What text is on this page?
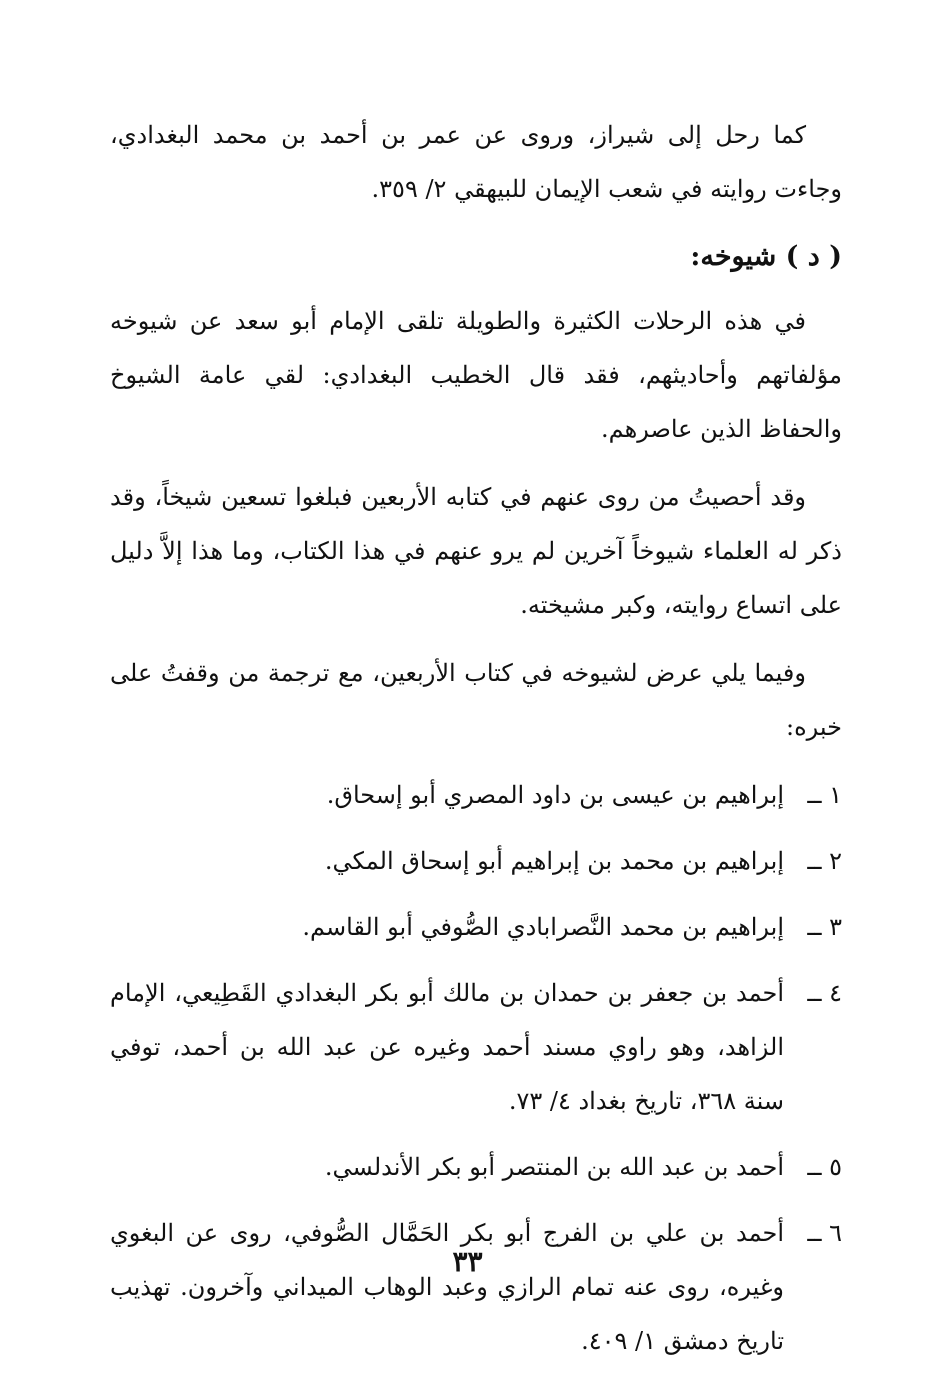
كما رحل إلى شيراز، وروى عن عمر بن أحمد بن محمد البغدادي، وجاءت روايته في شعب الإيمان للبيهقي ٢/ ٣٥٩.

( د ) شيوخه:

في هذه الرحلات الكثيرة والطويلة تلقى الإمام أبو سعد عن شيوخه مؤلفاتهم وأحاديثهم، فقد قال الخطيب البغدادي: لقي عامة الشيوخ والحفاظ الذين عاصرهم.

وقد أحصيتُ من روى عنهم في كتابه الأربعين فبلغوا تسعين شيخاً، وقد ذكر له العلماء شيوخاً آخرين لم يرو عنهم في هذا الكتاب، وما هذا إلاَّ دليل على اتساع روايته، وكبر مشيخته.

وفيما يلي عرض لشيوخه في كتاب الأربعين، مع ترجمة من وقفتُ على خبره:

١ ــ
إبراهيم بن عيسى بن داود المصري أبو إسحاق.
٢ ــ
إبراهيم بن محمد بن إبراهيم أبو إسحاق المكي.
٣ ــ
إبراهيم بن محمد النَّصرابادي الصُّوفي أبو القاسم.
٤ ــ
أحمد بن جعفر بن حمدان بن مالك أبو بكر البغدادي القَطِيعي، الإمام الزاهد، وهو راوي مسند أحمد وغيره عن عبد الله بن أحمد، توفي سنة ٣٦٨، تاريخ بغداد ٤/ ٧٣.
٥ ــ
أحمد بن عبد الله بن المنتصر أبو بكر الأندلسي.
٦ ــ
أحمد بن علي بن الفرج أبو بكر الحَمَّال الصُّوفي، روى عن البغوي وغيره، روى عنه تمام الرازي وعبد الوهاب الميداني وآخرون. تهذيب تاريخ دمشق ١/ ٤٠٩.
٣٣
